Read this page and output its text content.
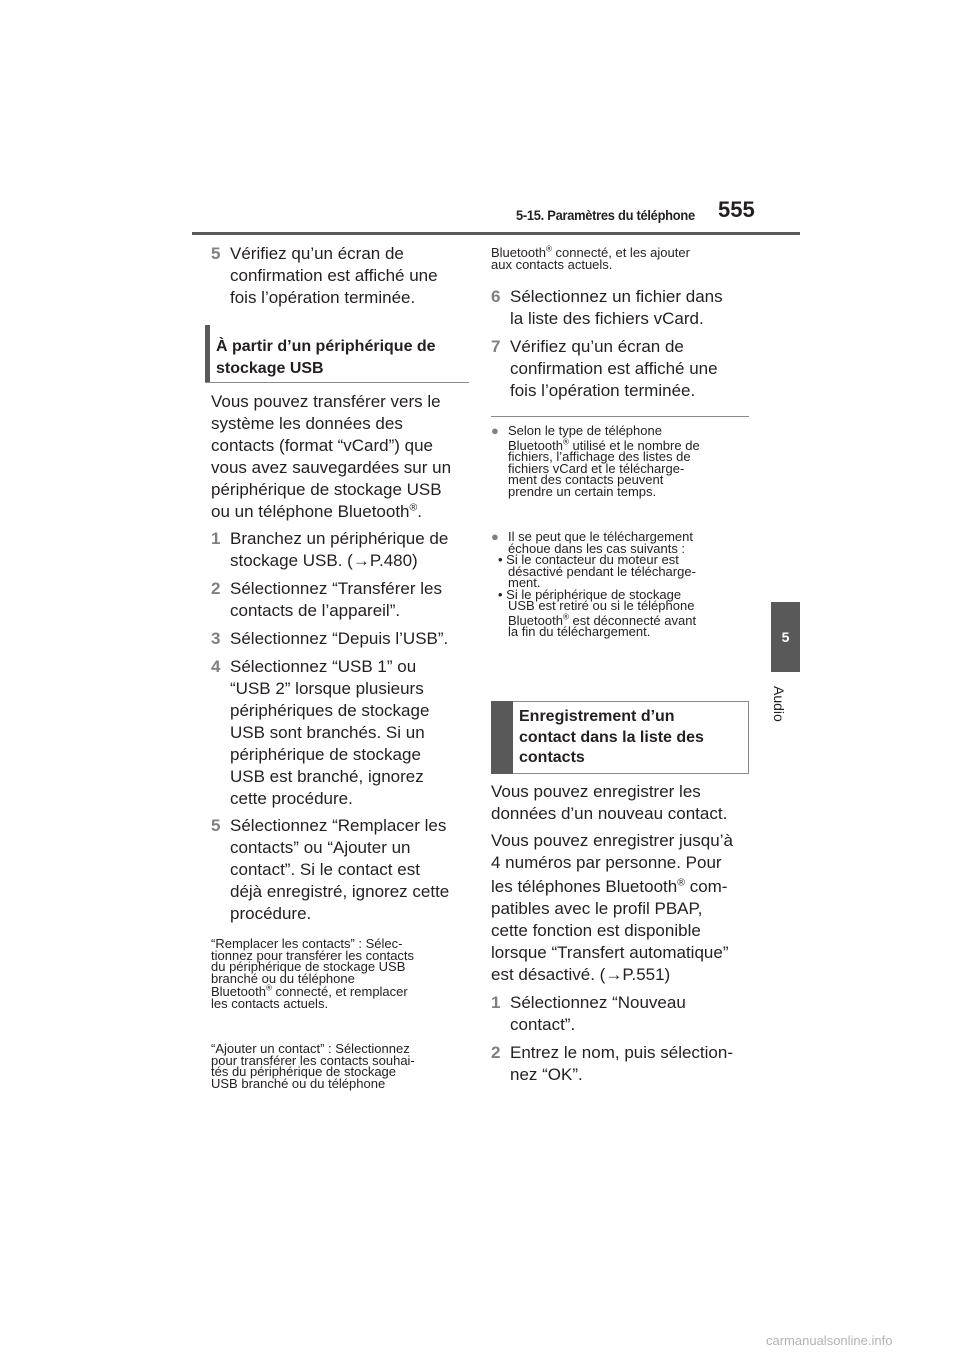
5-15. Paramètres du téléphone 555
5
Audio
5 Vérifiez qu’un écran de
confirmation est affiché une
fois l’opération terminée.
À partir d’un périphérique de
stockage USB
Vous pouvez transférer vers le
système les données des
contacts (format “vCard”) que
vous avez sauvegardées sur un
périphérique de stockage USB
ou un téléphone Bluetooth®.
1 Branchez un périphérique de
stockage USB. (→P.480)
2 Sélectionnez “Transférer les
contacts de l’appareil”.
3 Sélectionnez “Depuis l’USB”.
4 Sélectionnez “USB 1” ou
“USB 2” lorsque plusieurs
périphériques de stockage
USB sont branchés. Si un
périphérique de stockage
USB est branché, ignorez
cette procédure.
5 Sélectionnez “Remplacer les
contacts” ou “Ajouter un
contact”. Si le contact est
déjà enregistré, ignorez cette
procédure.
“Remplacer les contacts” : Sélec-
tionnez pour transférer les contacts
du périphérique de stockage USB
branché ou du téléphone
Bluetooth® connecté, et remplacer
les contacts actuels.
“Ajouter un contact” : Sélectionnez
pour transférer les contacts souhai-
tés du périphérique de stockage
USB branché ou du téléphone
Bluetooth® connecté, et les ajouter
aux contacts actuels.
6 Sélectionnez un fichier dans
la liste des fichiers vCard.
7 Vérifiez qu’un écran de
confirmation est affiché une
fois l’opération terminée.
● Selon le type de téléphone
Bluetooth® utilisé et le nombre de
fichiers, l’affichage des listes de
fichiers vCard et le télécharge-
ment des contacts peuvent
prendre un certain temps.
● Il se peut que le téléchargement
échoue dans les cas suivants :
• Si le contacteur du moteur est
désactivé pendant le télécharge-
ment.
• Si le périphérique de stockage
USB est retiré ou si le téléphone
Bluetooth® est déconnecté avant
la fin du téléchargement.
Enregistrement d’un
contact dans la liste des
contacts
Vous pouvez enregistrer les
données d’un nouveau contact.
Vous pouvez enregistrer jusqu’à
4 numéros par personne. Pour
les téléphones Bluetooth® com-
patibles avec le profil PBAP,
cette fonction est disponible
lorsque “Transfert automatique”
est désactivé. (→P.551)
1 Sélectionnez “Nouveau
contact”.
2 Entrez le nom, puis sélection-
nez “OK”.
carmanualsonline.info
